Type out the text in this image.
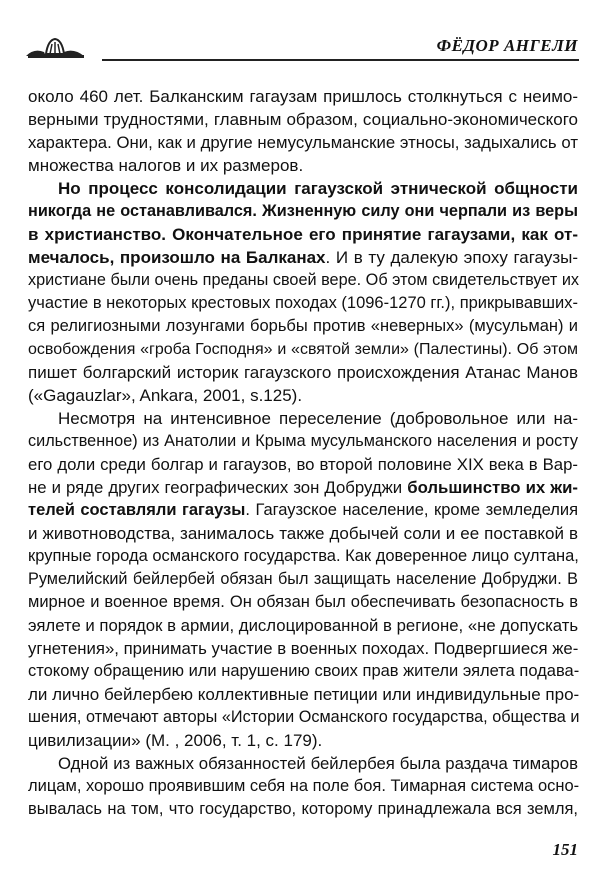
ФЁДОР АНГЕЛИ
около 460 лет. Балканским гагаузам пришлось столкнуться с неимо-
верными трудностями, главным образом, социально-экономического
характера. Они, как и другие немусульманские этносы, задыхались от
множества налогов и их размеров.
Но процесс консолидации гагаузской этнической общности
никогда не останавливался. Жизненную силу они черпали из веры
в христианство. Окончательное его принятие гагаузами, как от-
мечалось, произошло на Балканах. И в ту далекую эпоху гагаузы-
христиане были очень преданы своей вере. Об этом свидетельствует их
участие в некоторых крестовых походах (1096-1270 гг.), прикрывавших-
ся религиозными лозунгами борьбы против «неверных» (мусульман) и
освобождения «гроба Господня» и «святой земли» (Палестины). Об этом
пишет болгарский историк гагаузского происхождения Атанас Манов
(«Gagauzlar», Ankara, 2001, s.125).
Несмотря на интенсивное переселение (добровольное или на-
сильственное) из Анатолии и Крыма мусульманского населения и росту
его доли среди болгар и гагаузов, во второй половине XIX века в Вар-
не и ряде других географических зон Добруджи большинство их жи-
телей составляли гагаузы. Гагаузское население, кроме земледелия
и животноводства, занималось также добычей соли и ее поставкой в
крупные города османского государства. Как доверенное лицо султана,
Румелийский бейлербей обязан был защищать население Добруджи. В
мирное и военное время. Он обязан был обеспечивать безопасность в
эялете и порядок в армии, дислоцированной в регионе, «не допускать
угнетения», принимать участие в военных походах. Подвергшиеся же-
стокому обращению или нарушению своих прав жители эялета подава-
ли лично бейлербею коллективные петиции или индивидульные про-
шения, отмечают авторы «Истории Османского государства, общества и
цивилизации» (М. , 2006, т. 1, с. 179).
Одной из важных обязанностей бейлербея была раздача тимаров
лицам, хорошо проявившим себя на поле боя. Тимарная система осно-
вывалась на том, что государство, которому принадлежала вся земля,
151
